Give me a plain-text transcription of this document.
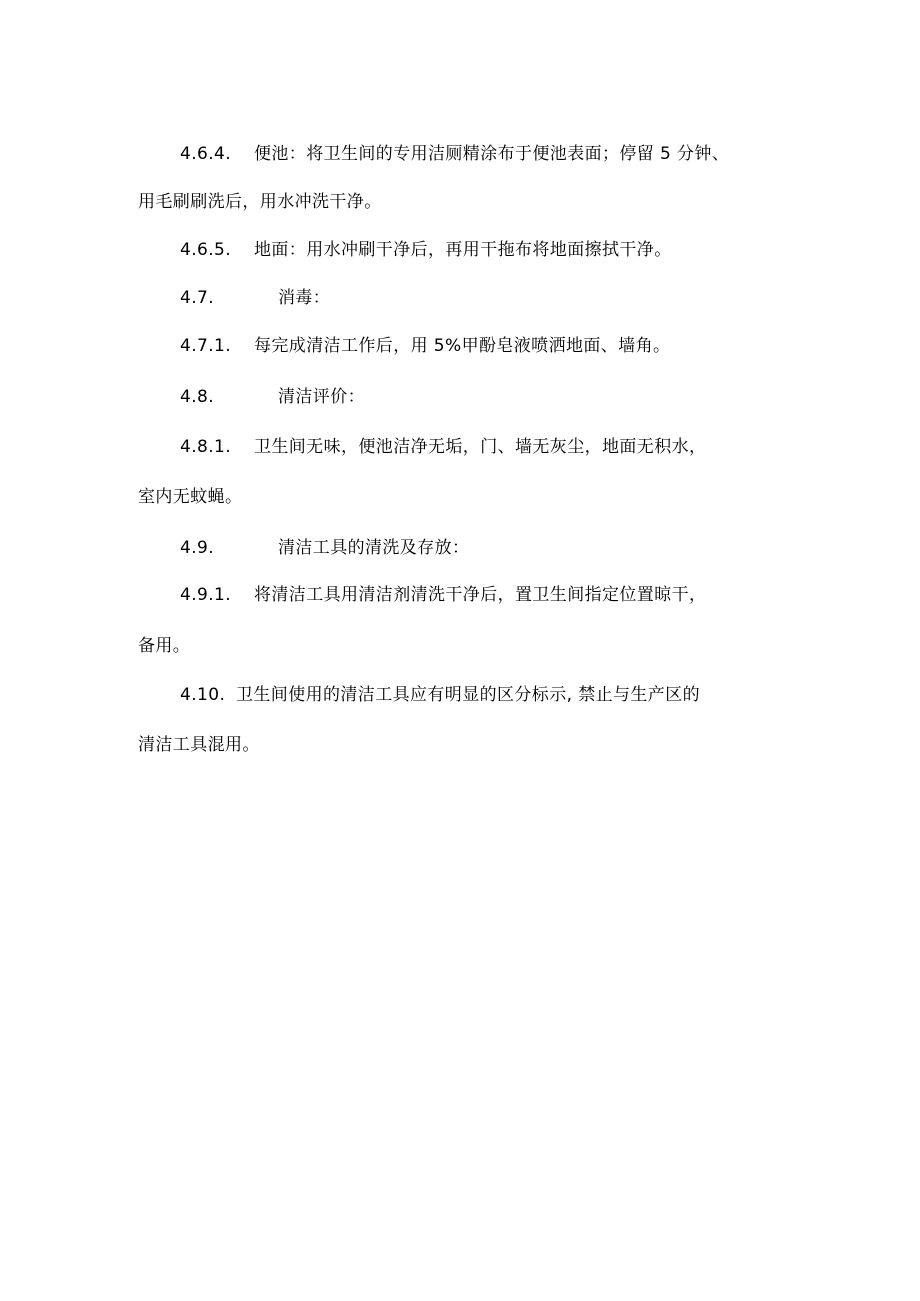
4.6.4. 便池：将卫生间的专用洁厕精涂布于便池表面；停留 5 分钟、
用毛刷刷洗后，用水冲洗干净。
4.6.5. 地面：用水冲刷干净后，再用干拖布将地面擦拭干净。
4.7.	消毒：
4.7.1. 每完成清洁工作后，用 5%甲酚皂液喷洒地面、墙角。
4.8.	清洁评价：
4.8.1. 卫生间无味，便池洁净无垢，门、墙无灰尘，地面无积水，
室内无蚊蝇。
4.9.	清洁工具的清洗及存放：
4.9.1. 将清洁工具用清洁剂清洗干净后，置卫生间指定位置晾干，
备用。
4.10. 卫生间使用的清洁工具应有明显的区分标示, 禁止与生产区的
清洁工具混用。
